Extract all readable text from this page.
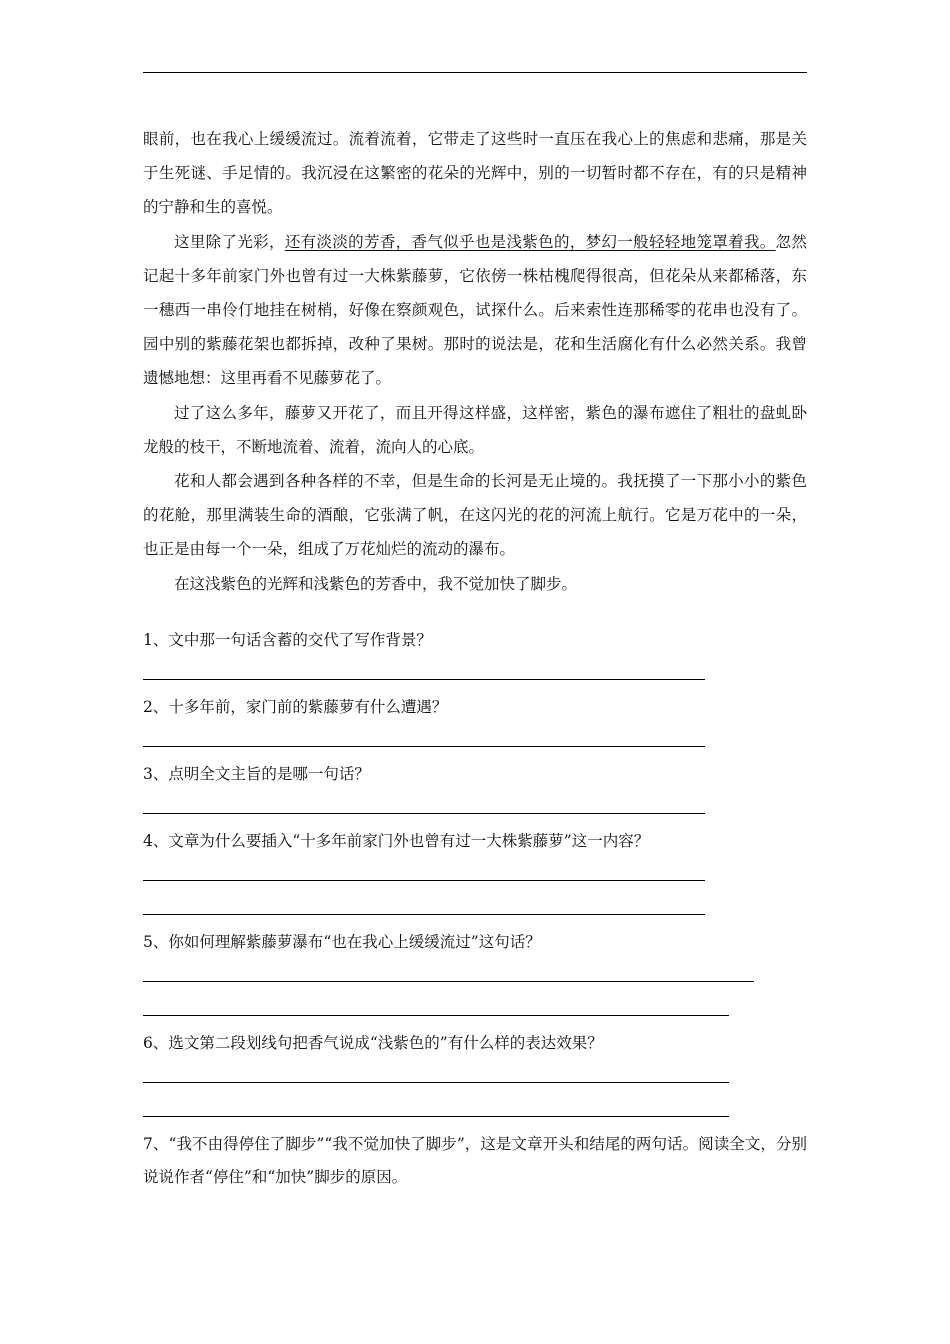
眼前，也在我心上缓缓流过。流着流着，它带走了这些时一直压在我心上的焦虑和悲痛，那是关于生死谜、手足情的。我沉浸在这繁密的花朵的光辉中，别的一切暂时都不存在，有的只是精神的宁静和生的喜悦。

这里除了光彩，还有淡淡的芳香，香气似乎也是浅紫色的，梦幻一般轻轻地笼罩着我。忽然记起十多年前家门外也曾有过一大株紫藤萝，它依傍一株枯槐爬得很高，但花朵从来都稀落，东一穗西一串伶仃地挂在树梢，好像在察颜观色，试探什么。后来索性连那稀零的花串也没有了。园中别的紫藤花架也都拆掉，改种了果树。那时的说法是，花和生活腐化有什么必然关系。我曾遗憾地想：这里再看不见藤萝花了。

过了这么多年，藤萝又开花了，而且开得这样盛，这样密，紫色的瀑布遮住了粗壮的盘虬卧龙般的枝干，不断地流着、流着，流向人的心底。

花和人都会遇到各种各样的不幸，但是生命的长河是无止境的。我抚摸了一下那小小的紫色的花舱，那里满装生命的酒酿，它张满了帆，在这闪光的花的河流上航行。它是万花中的一朵，也正是由每一个一朵，组成了万花灿烂的流动的瀑布。

在这浅紫色的光辉和浅紫色的芳香中，我不觉加快了脚步。

1、文中那一句话含蓄的交代了写作背景？
2、十多年前，家门前的紫藤萝有什么遭遇？
3、点明全文主旨的是哪一句话？
4、文章为什么要插入“十多年前家门外也曾有过一大株紫藤萝”这一内容？
5、你如何理解紫藤萝瀑布“也在我心上缓缓流过”这句话？
6、选文第二段划线句把香气说成“浅紫色的”有什么样的表达效果？
7、“我不由得停住了脚步”“我不觉加快了脚步”，这是文章开头和结尾的两句话。阅读全文，分别说说作者“停住”和“加快”脚步的原因。
